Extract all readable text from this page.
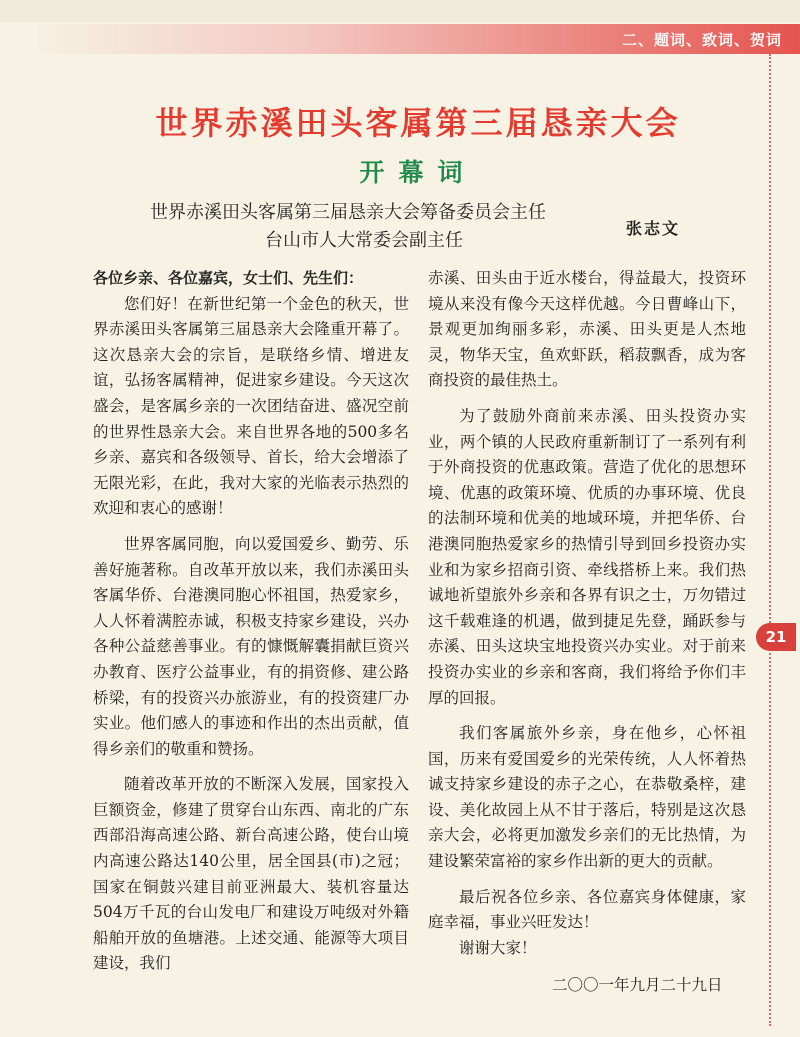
二、题词、致词、贺词
21
世界赤溪田头客属第三届恳亲大会
开幕词
世界赤溪田头客属第三届恳亲大会筹备委员会主任
台山市人大常委会副主任
张志文

各位乡亲、各位嘉宾，女士们、先生们：

您们好！在新世纪第一个金色的秋天，世界赤溪田头客属第三届恳亲大会隆重开幕了。这次恳亲大会的宗旨，是联络乡情、增进友谊，弘扬客属精神，促进家乡建设。今天这次盛会，是客属乡亲的一次团结奋进、盛况空前的世界性恳亲大会。来自世界各地的500多名乡亲、嘉宾和各级领导、首长，给大会增添了无限光彩，在此，我对大家的光临表示热烈的欢迎和衷心的感谢！

世界客属同胞，向以爱国爱乡、勤劳、乐善好施著称。自改革开放以来，我们赤溪田头客属华侨、台港澳同胞心怀祖国，热爱家乡，人人怀着满腔赤诚，积极支持家乡建设，兴办各种公益慈善事业。有的慷慨解囊捐献巨资兴办教育、医疗公益事业，有的捐资修、建公路桥梁，有的投资兴办旅游业，有的投资建厂办实业。他们感人的事迹和作出的杰出贡献，值得乡亲们的敬重和赞扬。

随着改革开放的不断深入发展，国家投入巨额资金，修建了贯穿台山东西、南北的广东西部沿海高速公路、新台高速公路，使台山境内高速公路达140公里，居全国县(市)之冠；国家在铜鼓兴建目前亚洲最大、装机容量达504万千瓦的台山发电厂和建设万吨级对外籍船舶开放的鱼塘港。上述交通、能源等大项目建设，我们

赤溪、田头由于近水楼台，得益最大，投资环境从来没有像今天这样优越。今日曹峰山下，景观更加绚丽多彩，赤溪、田头更是人杰地灵，物华天宝，鱼欢虾跃，稻菽飘香，成为客商投资的最佳热土。

为了鼓励外商前来赤溪、田头投资办实业，两个镇的人民政府重新制订了一系列有利于外商投资的优惠政策。营造了优化的思想环境、优惠的政策环境、优质的办事环境、优良的法制环境和优美的地域环境，并把华侨、台港澳同胞热爱家乡的热情引导到回乡投资办实业和为家乡招商引资、牵线搭桥上来。我们热诚地祈望旅外乡亲和各界有识之士，万勿错过这千载难逢的机遇，做到捷足先登，踊跃参与赤溪、田头这块宝地投资兴办实业。对于前来投资办实业的乡亲和客商，我们将给予你们丰厚的回报。

我们客属旅外乡亲，身在他乡，心怀祖国，历来有爱国爱乡的光荣传统，人人怀着热诚支持家乡建设的赤子之心，在恭敬桑梓，建设、美化故园上从不甘于落后，特别是这次恳亲大会，必将更加激发乡亲们的无比热情，为建设繁荣富裕的家乡作出新的更大的贡献。

最后祝各位乡亲、各位嘉宾身体健康，家庭幸福，事业兴旺发达！

谢谢大家！

二〇〇一年九月二十九日
